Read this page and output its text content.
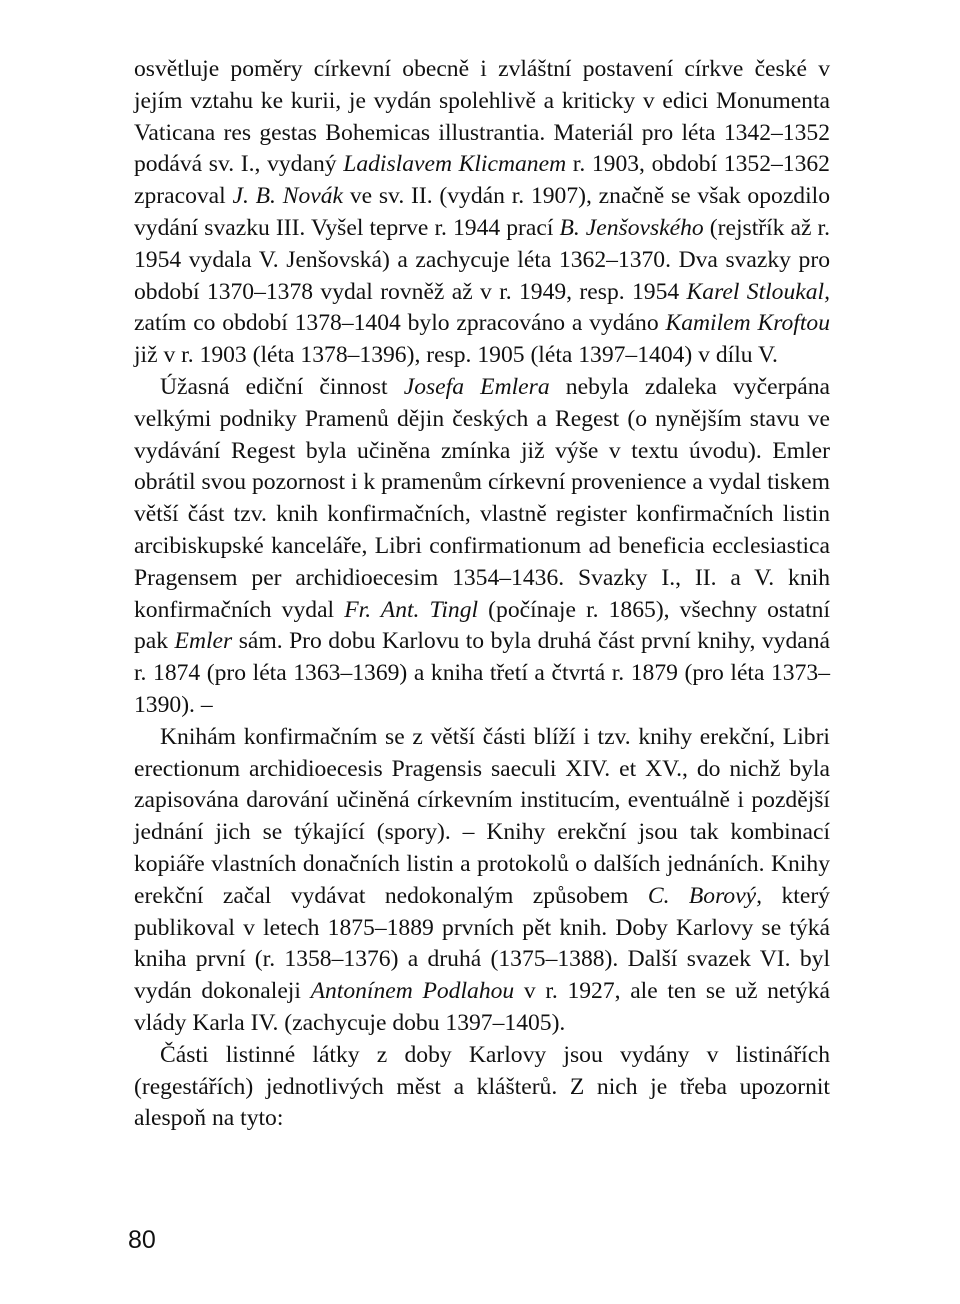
osvětluje poměry církevní obecně i zvláštní postavení církve české v jejím vztahu ke kurii, je vydán spolehlivě a kriticky v edici Monumenta Vaticana res gestas Bohemicas illustrantia. Materiál pro léta 1342–1352 podává sv. I., vydaný Ladislavem Klicmanem r. 1903, období 1352–1362 zpracoval J. B. Novák ve sv. II. (vydán r. 1907), značně se však opozdilo vydání svazku III. Vyšel teprve r. 1944 prací B. Jenšovského (rejstřík až r. 1954 vydala V. Jenšovská) a zachycuje léta 1362–1370. Dva svazky pro období 1370–1378 vydal rovněž až v r. 1949, resp. 1954 Karel Stloukal, zatím co období 1378–1404 bylo zpracováno a vydáno Kamilem Kroftou již v r. 1903 (léta 1378–1396), resp. 1905 (léta 1397–1404) v dílu V.

Úžasná ediční činnost Josefa Emlera nebyla zdaleka vyčerpána velkými podniky Pramenů dějin českých a Regest (o nynějším stavu ve vydávání Regest byla učiněna zmínka již výše v textu úvodu). Emler obrátil svou pozornost i k pramenům církevní provenience a vydal tiskem větší část tzv. knih konfirmačních, vlastně register konfirmačních listin arcibiskupské kanceláře, Libri confirmationum ad beneficia ecclesiastica Pragensem per archidioecesim 1354–1436. Svazky I., II. a V. knih konfirmačních vydal Fr. Ant. Tingl (počínaje r. 1865), všechny ostatní pak Emler sám. Pro dobu Karlovu to byla druhá část první knihy, vydaná r. 1874 (pro léta 1363–1369) a kniha třetí a čtvrtá r. 1879 (pro léta 1373–1390). –

Knihám konfirmačním se z větší části blíží i tzv. knihy erekční, Libri erectionum archidioecesis Pragensis saeculi XIV. et XV., do nichž byla zapisována darování učiněná církevním institucím, eventuálně i pozdější jednání jich se týkající (spory). – Knihy erekční jsou tak kombinací kopiáře vlastních donačních listin a protokolů o dalších jednáních. Knihy erekční začal vydávat nedokonalým způsobem C. Borový, který publikoval v letech 1875–1889 prvních pět knih. Doby Karlovy se týká kniha první (r. 1358–1376) a druhá (1375–1388). Další svazek VI. byl vydán dokonaleji Antonínem Podlahou v r. 1927, ale ten se už netýká vlády Karla IV. (zachycuje dobu 1397–1405).

Části listinné látky z doby Karlovy jsou vydány v listinářích (regestářích) jednotlivých měst a klášterů. Z nich je třeba upozornit alespoň na tyto:

80
